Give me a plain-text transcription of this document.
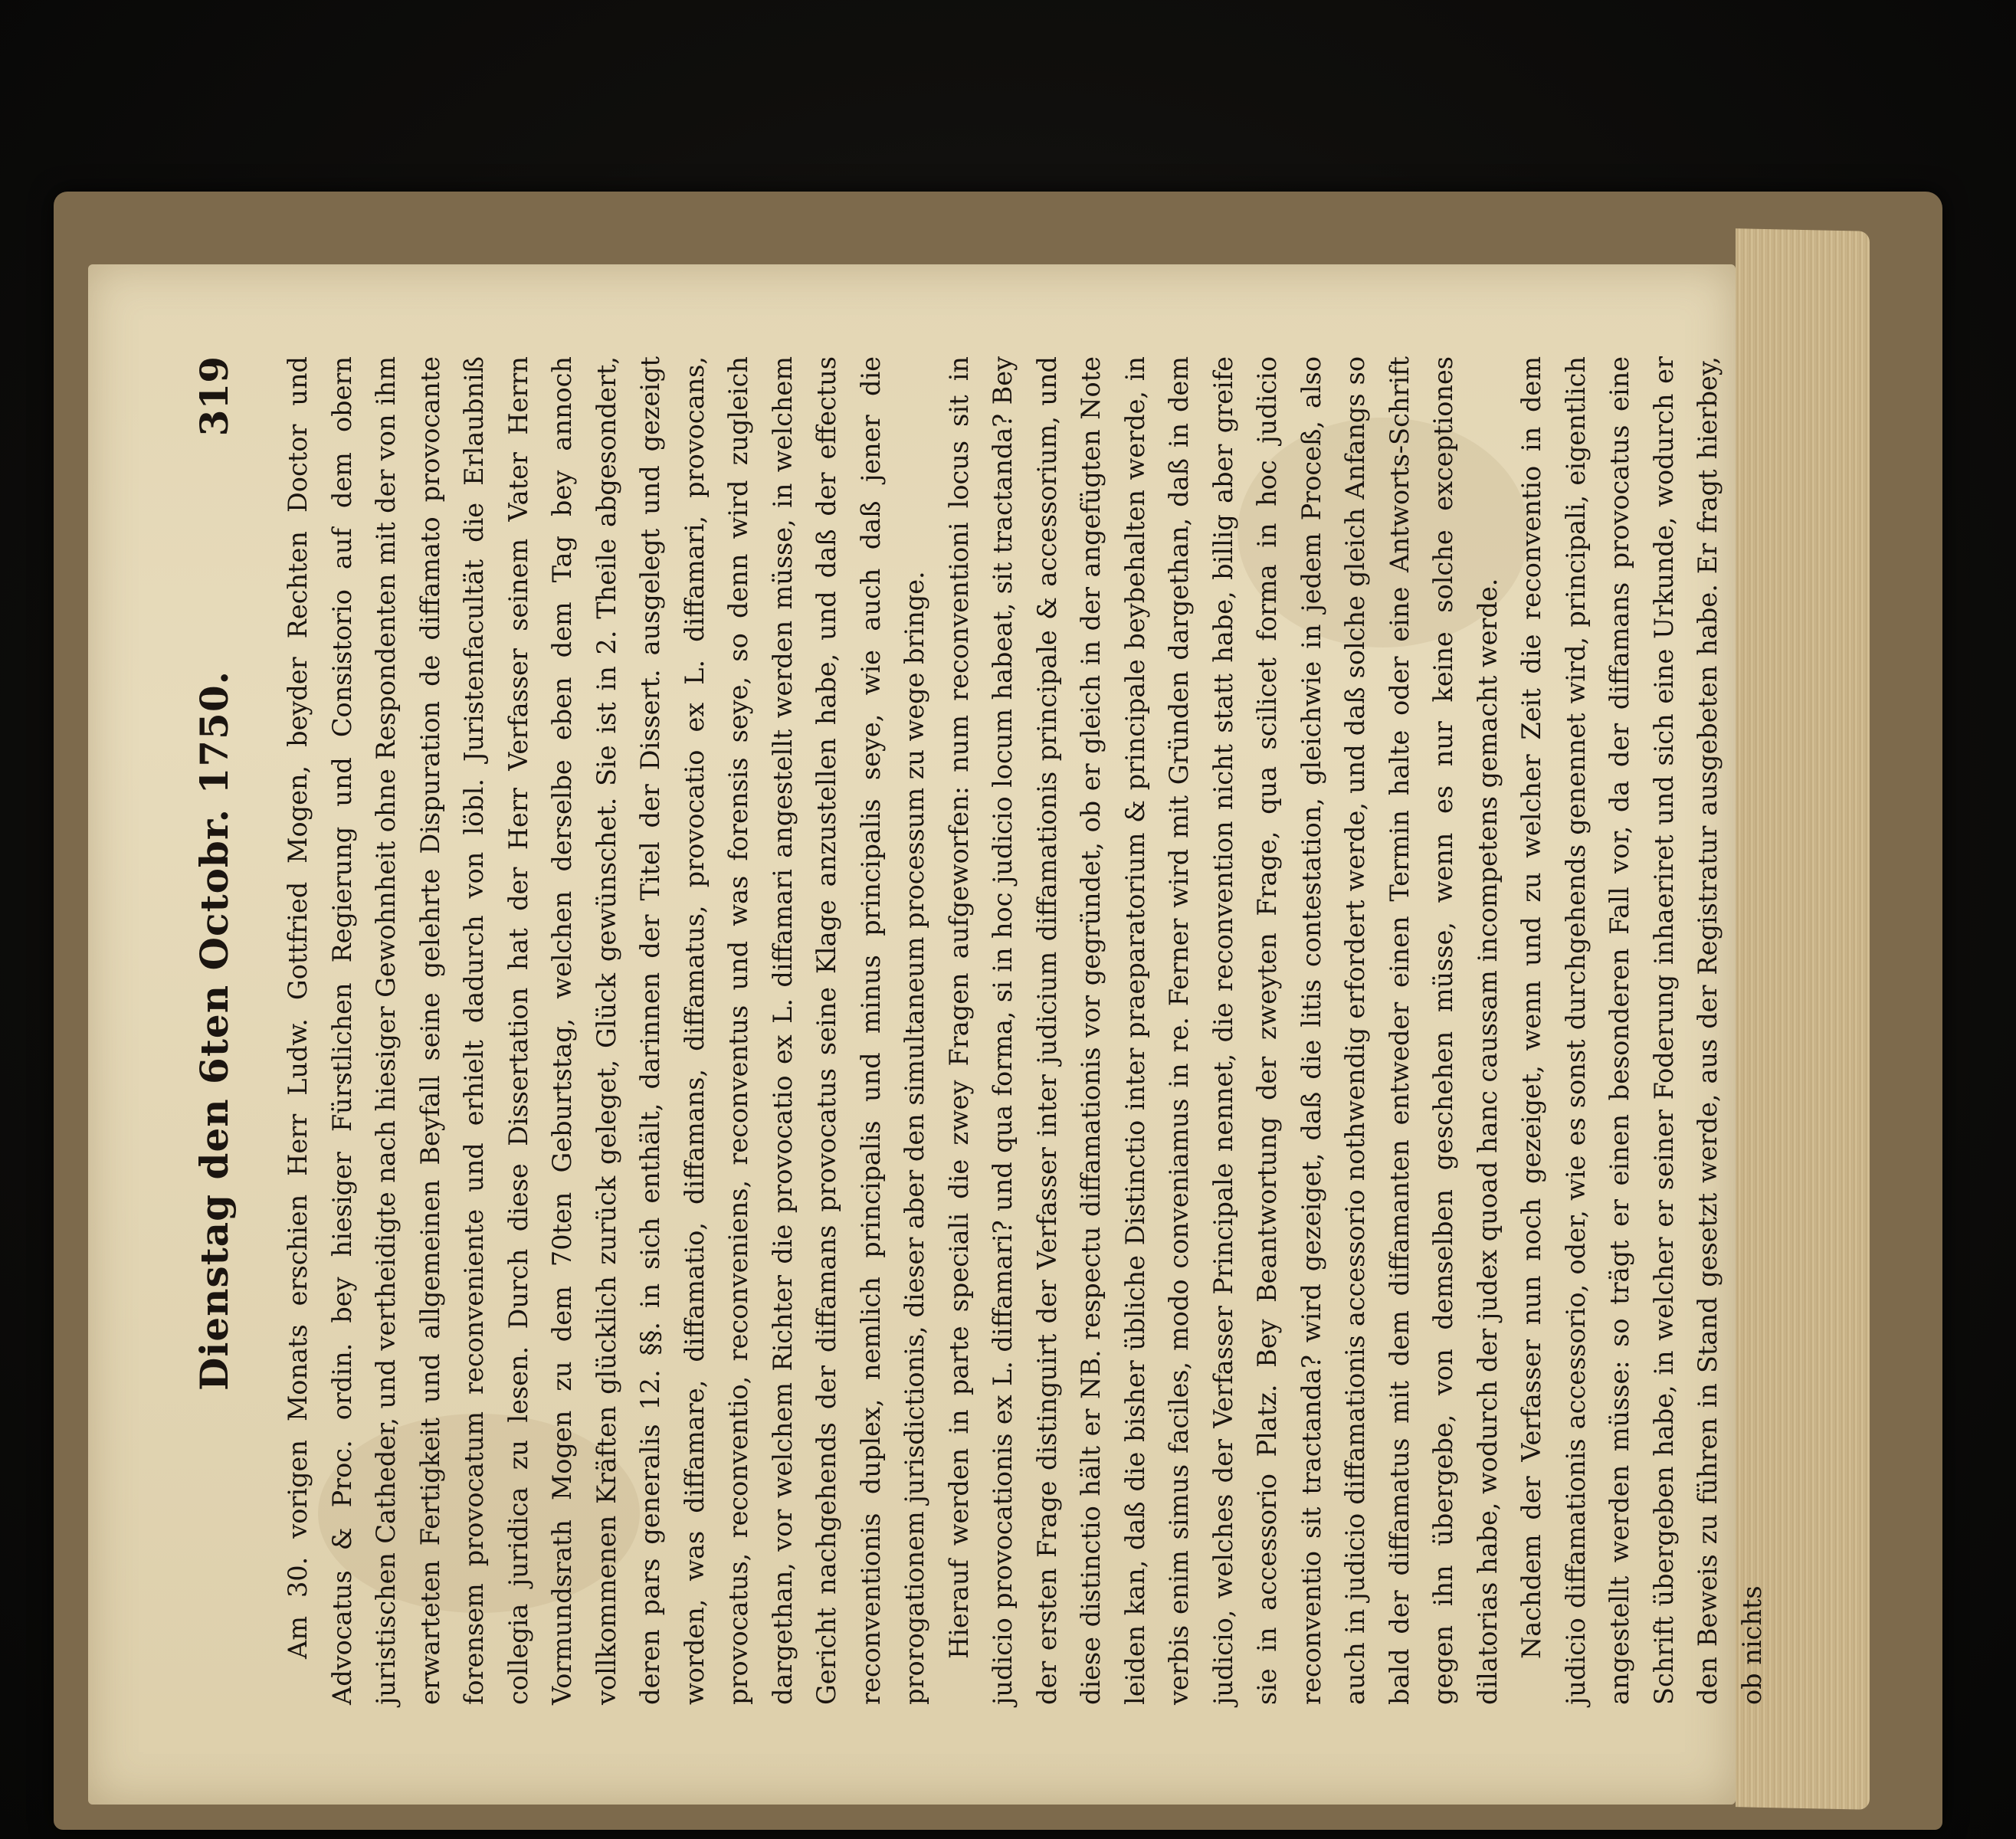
Dienstag den 6ten Octobr. 1750.
319 Am 30. vorigen Monats erschien Herr Ludw. Gottfried Mogen, beyder Rechten Doctor und Advocatus & Proc. ordin. bey hiesiger Fürstlichen Regierung und Consistorio auf dem obern juristischen Catheder, und vertheidigte nach hiesiger Gewohnheit ohne Respondenten mit der von ihm erwarteten Fertigkeit und allgemeinen Beyfall seine gelehrte Dispuration de diffamato provocante forensem provocatum reconveniente und erhielt dadurch von löbl. Juristenfacultät die Erlaubniß collegia juridica zu lesen. Durch diese Dissertation hat der Herr Verfasser seinem Vater Herrn Vormundsrath Mogen zu dem 70ten Geburtstag, welchen derselbe eben dem Tag bey annoch vollkommenen Kräften glücklich zurück geleget, Glück gewünschet. Sie ist in 2. Theile abgesondert, deren pars generalis 12. §§. in sich enthält, darinnen der Titel der Dissert. ausgelegt und gezeigt worden, was diffamare, diffamatio, diffamans, diffamatus, provocatio ex L. diffamari, provocans, provocatus, reconventio, reconveniens, reconventus und was forensis seye, so denn wird zugleich dargethan, vor welchem Richter die provocatio ex L. diffamari angestellt werden müsse, in welchem Gericht nachgehends der diffamans provocatus seine Klage anzustellen habe, und daß der effectus reconventionis duplex, nemlich principalis und minus principalis seye, wie auch daß jener die prorogationem jurisdictionis, dieser aber den simultaneum processum zu wege bringe. Hierauf werden in parte speciali die zwey Fragen aufgeworfen: num reconventioni locus sit in judicio provocationis ex L. diffamari? und qua forma, si in hoc judicio locum habeat, sit tractanda? Bey der ersten Frage distinguirt der Verfasser inter judicium diffamationis principale & accessorium, und diese distinctio hält er NB. respectu diffamationis vor gegründet, ob er gleich in der angefügten Note leiden kan, daß die bisher übliche Distinctio inter praeparatorium & principale beybehalten werde, in verbis enim simus faciles, modo conveniamus in re. Ferner wird mit Gründen dargethan, daß in dem judicio, welches der Verfasser Principale nennet, die reconvention nicht statt habe, billig aber greife sie in accessorio Platz. Bey Beantwortung der zweyten Frage, qua scilicet forma in hoc judicio reconventio sit tractanda? wird gezeiget, daß die litis contestation, gleichwie in jedem Proceß, also auch in judicio diffamationis accessorio nothwendig erfordert werde, und daß solche gleich Anfangs so bald der diffamatus mit dem diffamanten entweder einen Termin halte oder eine Antworts-Schrift gegen ihn übergebe, von demselben geschehen müsse, wenn es nur keine solche exceptiones dilatorias habe, wodurch der judex quoad hanc caussam incompetens gemacht werde. Nachdem der Verfasser nun noch gezeiget, wenn und zu welcher Zeit die reconventio in dem judicio diffamationis accessorio, oder, wie es sonst durchgehends genennet wird, principali, eigentlich angestellt werden müsse: so trägt er einen besonderen Fall vor, da der diffamans provocatus eine Schrift übergeben habe, in welcher er seiner Foderung inhaeriret und sich eine Urkunde, wodurch er den Beweis zu führen in Stand gesetzt werde, aus der Registratur ausgebeten habe. Er fragt hierbey, ob nichts
